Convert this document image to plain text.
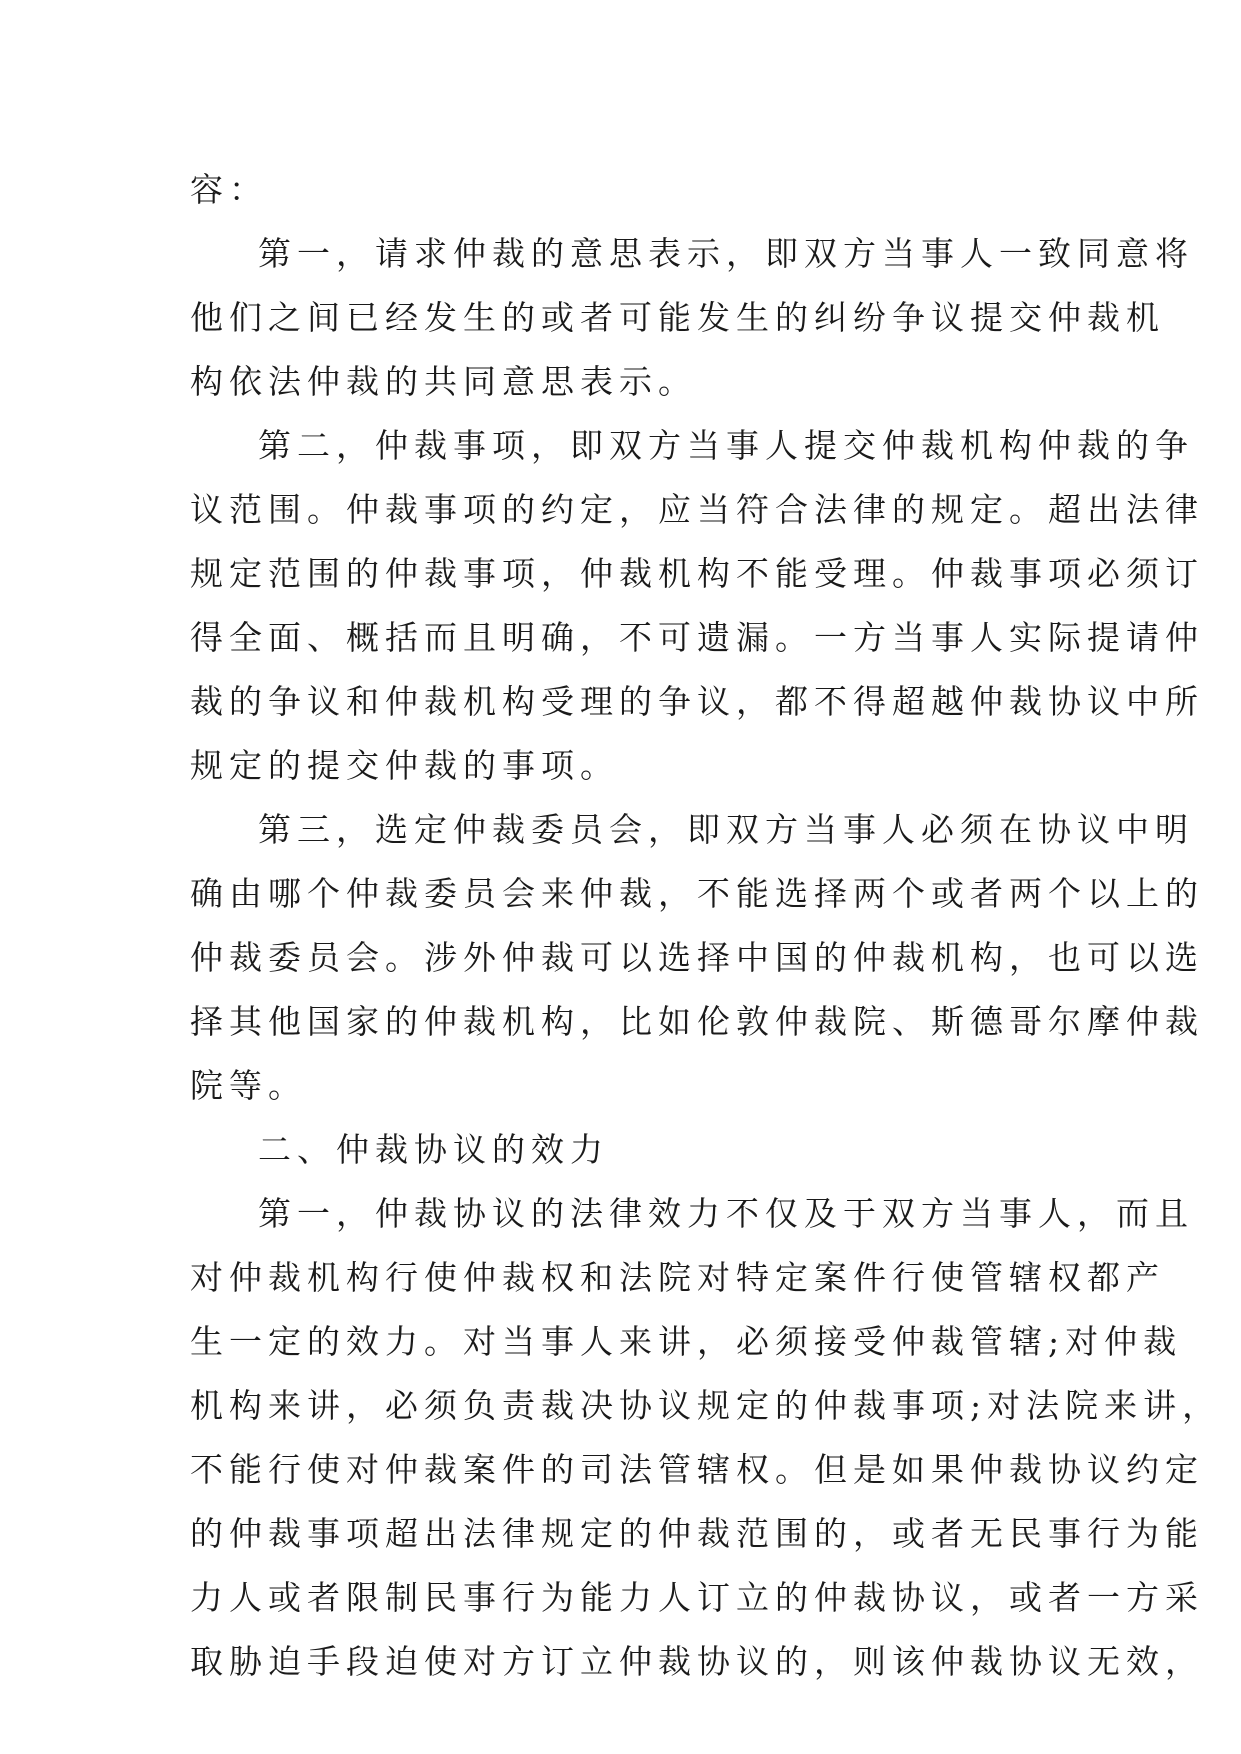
容：
第一，请求仲裁的意思表示，即双方当事人一致同意将
他们之间已经发生的或者可能发生的纠纷争议提交仲裁机
构依法仲裁的共同意思表示。
第二，仲裁事项，即双方当事人提交仲裁机构仲裁的争
议范围。仲裁事项的约定，应当符合法律的规定。超出法律
规定范围的仲裁事项，仲裁机构不能受理。仲裁事项必须订
得全面、概括而且明确，不可遗漏。一方当事人实际提请仲
裁的争议和仲裁机构受理的争议，都不得超越仲裁协议中所
规定的提交仲裁的事项。
第三，选定仲裁委员会，即双方当事人必须在协议中明
确由哪个仲裁委员会来仲裁，不能选择两个或者两个以上的
仲裁委员会。涉外仲裁可以选择中国的仲裁机构，也可以选
择其他国家的仲裁机构，比如伦敦仲裁院、斯德哥尔摩仲裁
院等。
二、仲裁协议的效力
第一，仲裁协议的法律效力不仅及于双方当事人，而且
对仲裁机构行使仲裁权和法院对特定案件行使管辖权都产
生一定的效力。对当事人来讲，必须接受仲裁管辖;对仲裁
机构来讲，必须负责裁决协议规定的仲裁事项;对法院来讲，
不能行使对仲裁案件的司法管辖权。但是如果仲裁协议约定
的仲裁事项超出法律规定的仲裁范围的，或者无民事行为能
力人或者限制民事行为能力人订立的仲裁协议，或者一方采
取胁迫手段迫使对方订立仲裁协议的，则该仲裁协议无效，
